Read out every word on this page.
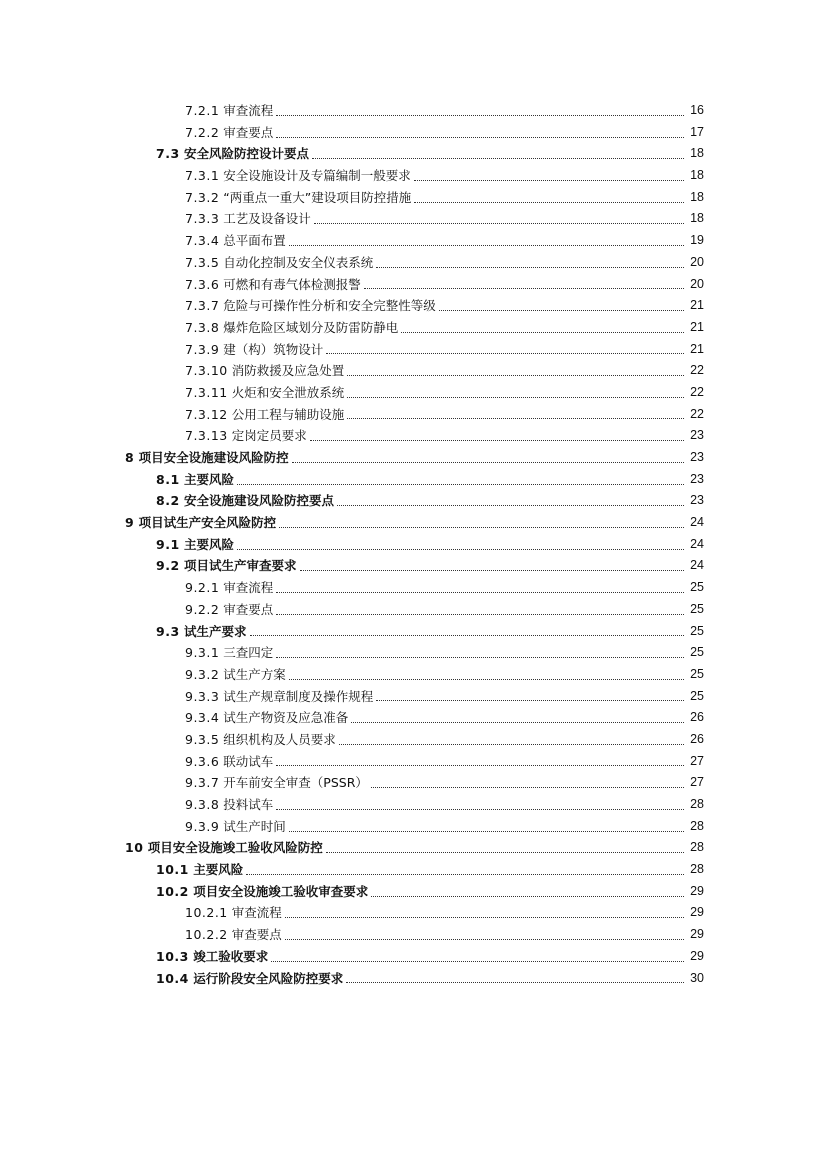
7.2.1 审查流程	16
7.2.2 审查要点	17
7.3 安全风险防控设计要点	18
7.3.1 安全设施设计及专篇编制一般要求	18
7.3.2 “两重点一重大”建设项目防控措施	18
7.3.3 工艺及设备设计	18
7.3.4 总平面布置	19
7.3.5 自动化控制及安全仪表系统	20
7.3.6 可燃和有毒气体检测报警	20
7.3.7 危险与可操作性分析和安全完整性等级	21
7.3.8 爆炸危险区域划分及防雷防静电	21
7.3.9 建（构）筑物设计	21
7.3.10 消防救援及应急处置	22
7.3.11 火炬和安全泄放系统	22
7.3.12 公用工程与辅助设施	22
7.3.13 定岗定员要求	23
8 项目安全设施建设风险防控	23
8.1 主要风险	23
8.2 安全设施建设风险防控要点	23
9 项目试生产安全风险防控	24
9.1 主要风险	24
9.2 项目试生产审查要求	24
9.2.1 审查流程	25
9.2.2 审查要点	25
9.3 试生产要求	25
9.3.1 三查四定	25
9.3.2 试生产方案	25
9.3.3 试生产规章制度及操作规程	25
9.3.4 试生产物资及应急准备	26
9.3.5 组织机构及人员要求	26
9.3.6 联动试车	27
9.3.7 开车前安全审查（PSSR）	27
9.3.8 投料试车	28
9.3.9 试生产时间	28
10 项目安全设施竣工验收风险防控	28
10.1 主要风险	28
10.2 项目安全设施竣工验收审查要求	29
10.2.1 审查流程	29
10.2.2 审查要点	29
10.3 竣工验收要求	29
10.4 运行阶段安全风险防控要求	30
